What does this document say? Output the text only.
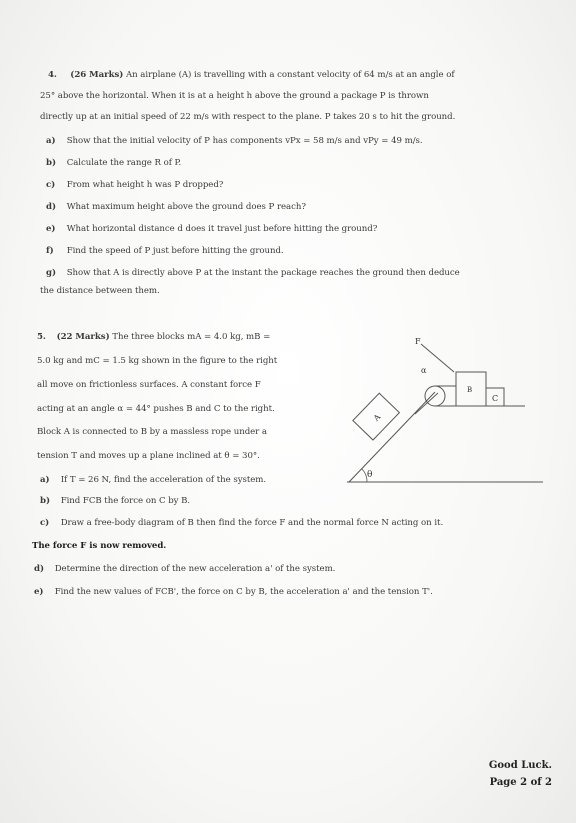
4. (26 Marks) An airplane (A) is travelling with a constant velocity of 64 m/s at an angle of
25° above the horizontal. When it is at a height h above the ground a package P is thrown
directly up at an initial speed of 22 m/s with respect to the plane. P takes 20 s to hit the ground.
a) Show that the initial velocity of P has components vPx = 58 m/s and vPy = 49 m/s.
b) Calculate the range R of P.
c) From what height h was P dropped?
d) What maximum height above the ground does P reach?
e) What horizontal distance d does it travel just before hitting the ground?
f) Find the speed of P just before hitting the ground.
g) Show that A is directly above P at the instant the package reaches the ground then deduce
the distance between them.
5. (22 Marks) The three blocks mA = 4.0 kg, mB =
5.0 kg and mC = 1.5 kg shown in the figure to the right
all move on frictionless surfaces. A constant force F
acting at an angle α = 44° pushes B and C to the right.
Block A is connected to B by a massless rope under a
tension T and moves up a plane inclined at θ = 30°.
a) If T = 26 N, find the acceleration of the system.
b) Find FCB the force on C by B.
c) Draw a free-body diagram of B then find the force F and the normal force N acting on it.
The force F is now removed.
d) Determine the direction of the new acceleration a' of the system.
e) Find the new values of FCB', the force on C by B, the acceleration a' and the tension T'.
θ
A
B
C
F
α
Good Luck.
Page 2 of 2
